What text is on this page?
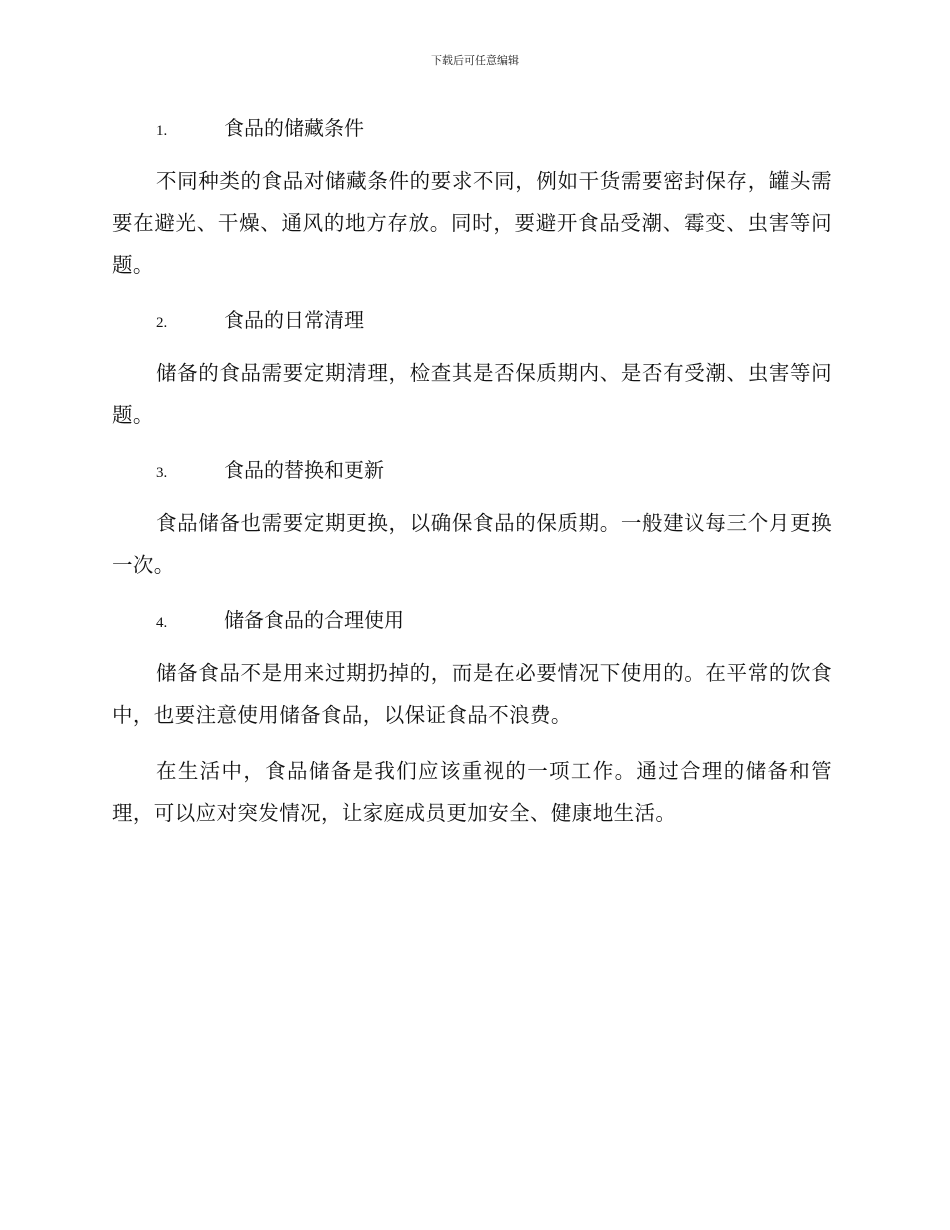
下载后可任意编辑
1.	食品的储藏条件

不同种类的食品对储藏条件的要求不同，例如干货需要密封保存，罐头需要在避光、干燥、通风的地方存放。同时，要避开食品受潮、霉变、虫害等问题。

2.	食品的日常清理

储备的食品需要定期清理，检查其是否保质期内、是否有受潮、虫害等问题。

3.	食品的替换和更新

食品储备也需要定期更换，以确保食品的保质期。一般建议每三个月更换一次。

4.	储备食品的合理使用

储备食品不是用来过期扔掉的，而是在必要情况下使用的。在平常的饮食中，也要注意使用储备食品，以保证食品不浪费。

在生活中，食品储备是我们应该重视的一项工作。通过合理的储备和管理，可以应对突发情况，让家庭成员更加安全、健康地生活。
